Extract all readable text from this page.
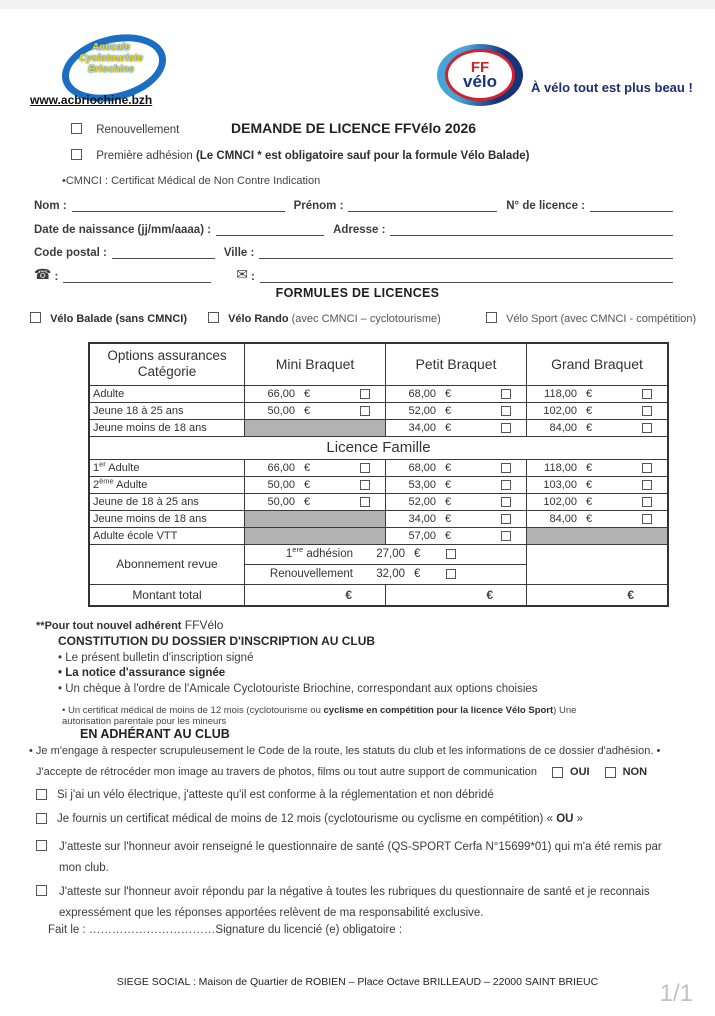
Amicale
Cyclotouriste
Briochine
www.acbriochine.bzh
FF
vélo	À vélo tout est plus beau !
Renouvellement	DEMANDE DE LICENCE FFVélo 2026
Première adhésion (Le CMNCI * est obligatoire sauf pour la formule Vélo Balade)
•CMNCI : Certificat Médical de Non Contre Indication
Nom :	Prénom :	N° de licence :
Date de naissance (jj/mm/aaaa) :	Adresse :
Code postal :	Ville :
☎ :	✉ :
FORMULES DE LICENCES
Vélo Balade (sans CMNCI)	Vélo Rando (avec CMNCI – cyclotourisme)	Vélo Sport (avec CMNCI - compétition)
Options assurances
Catégorie	Mini Braquet	Petit Braquet	Grand Braquet
Adulte	66,00 €	68,00 €	118,00 €

Jeune 18 à 25 ans	50,00 €	52,00 €	102,00 €

Jeune moins de 18 ans		34,00 €	84,00 €

Licence Famille			
1er Adulte	66,00 €	68,00 €	118,00 €

2ème Adulte	50,00 €	53,00 €	103,00 €

Jeune de 18 à 25 ans	50,00 €	52,00 €	102,00 €

Jeune moins de 18 ans		34,00 €	84,00 €

Adulte école VTT		57,00 €	

Abonnement revue	1ere adhésion 27,00 €		

	Renouvellement 32,00 €		

Montant total	€	€	€
**Pour tout nouvel adhérent FFVélo
CONSTITUTION DU DOSSIER D'INSCRIPTION AU CLUB
• Le présent bulletin d'inscription signé
• La notice d'assurance signée
• Un chèque à l'ordre de l'Amicale Cyclotouriste Briochine, correspondant aux options choisies
• Un certificat médical de moins de 12 mois (cyclotourisme ou cyclisme en compétition pour la licence Vélo Sport) Une autorisation parentale pour les mineurs
EN ADHÉRANT AU CLUB
• Je m'engage à respecter scrupuleusement le Code de la route, les statuts du club et les informations de ce dossier d'adhésion. •
J'accepte de rétrocéder mon image au travers de photos, films ou tout autre support de communication	OUI	NON
Si j'ai un vélo électrique, j'atteste qu'il est conforme à la réglementation et non débridé
Je fournis un certificat médical de moins de 12 mois (cyclotourisme ou cyclisme en compétition) « OU »
J'atteste sur l'honneur avoir renseigné le questionnaire de santé (QS-SPORT Cerfa N°15699*01) qui m'a été remis par mon club.
J'atteste sur l'honneur avoir répondu par la négative à toutes les rubriques du questionnaire de santé et je reconnais expressément que les réponses apportées relèvent de ma responsabilité exclusive.
Fait le : ……………………………Signature du licencié (e) obligatoire :
SIEGE SOCIAL : Maison de Quartier de ROBIEN – Place Octave BRILLEAUD – 22000 SAINT BRIEUC	1/1
